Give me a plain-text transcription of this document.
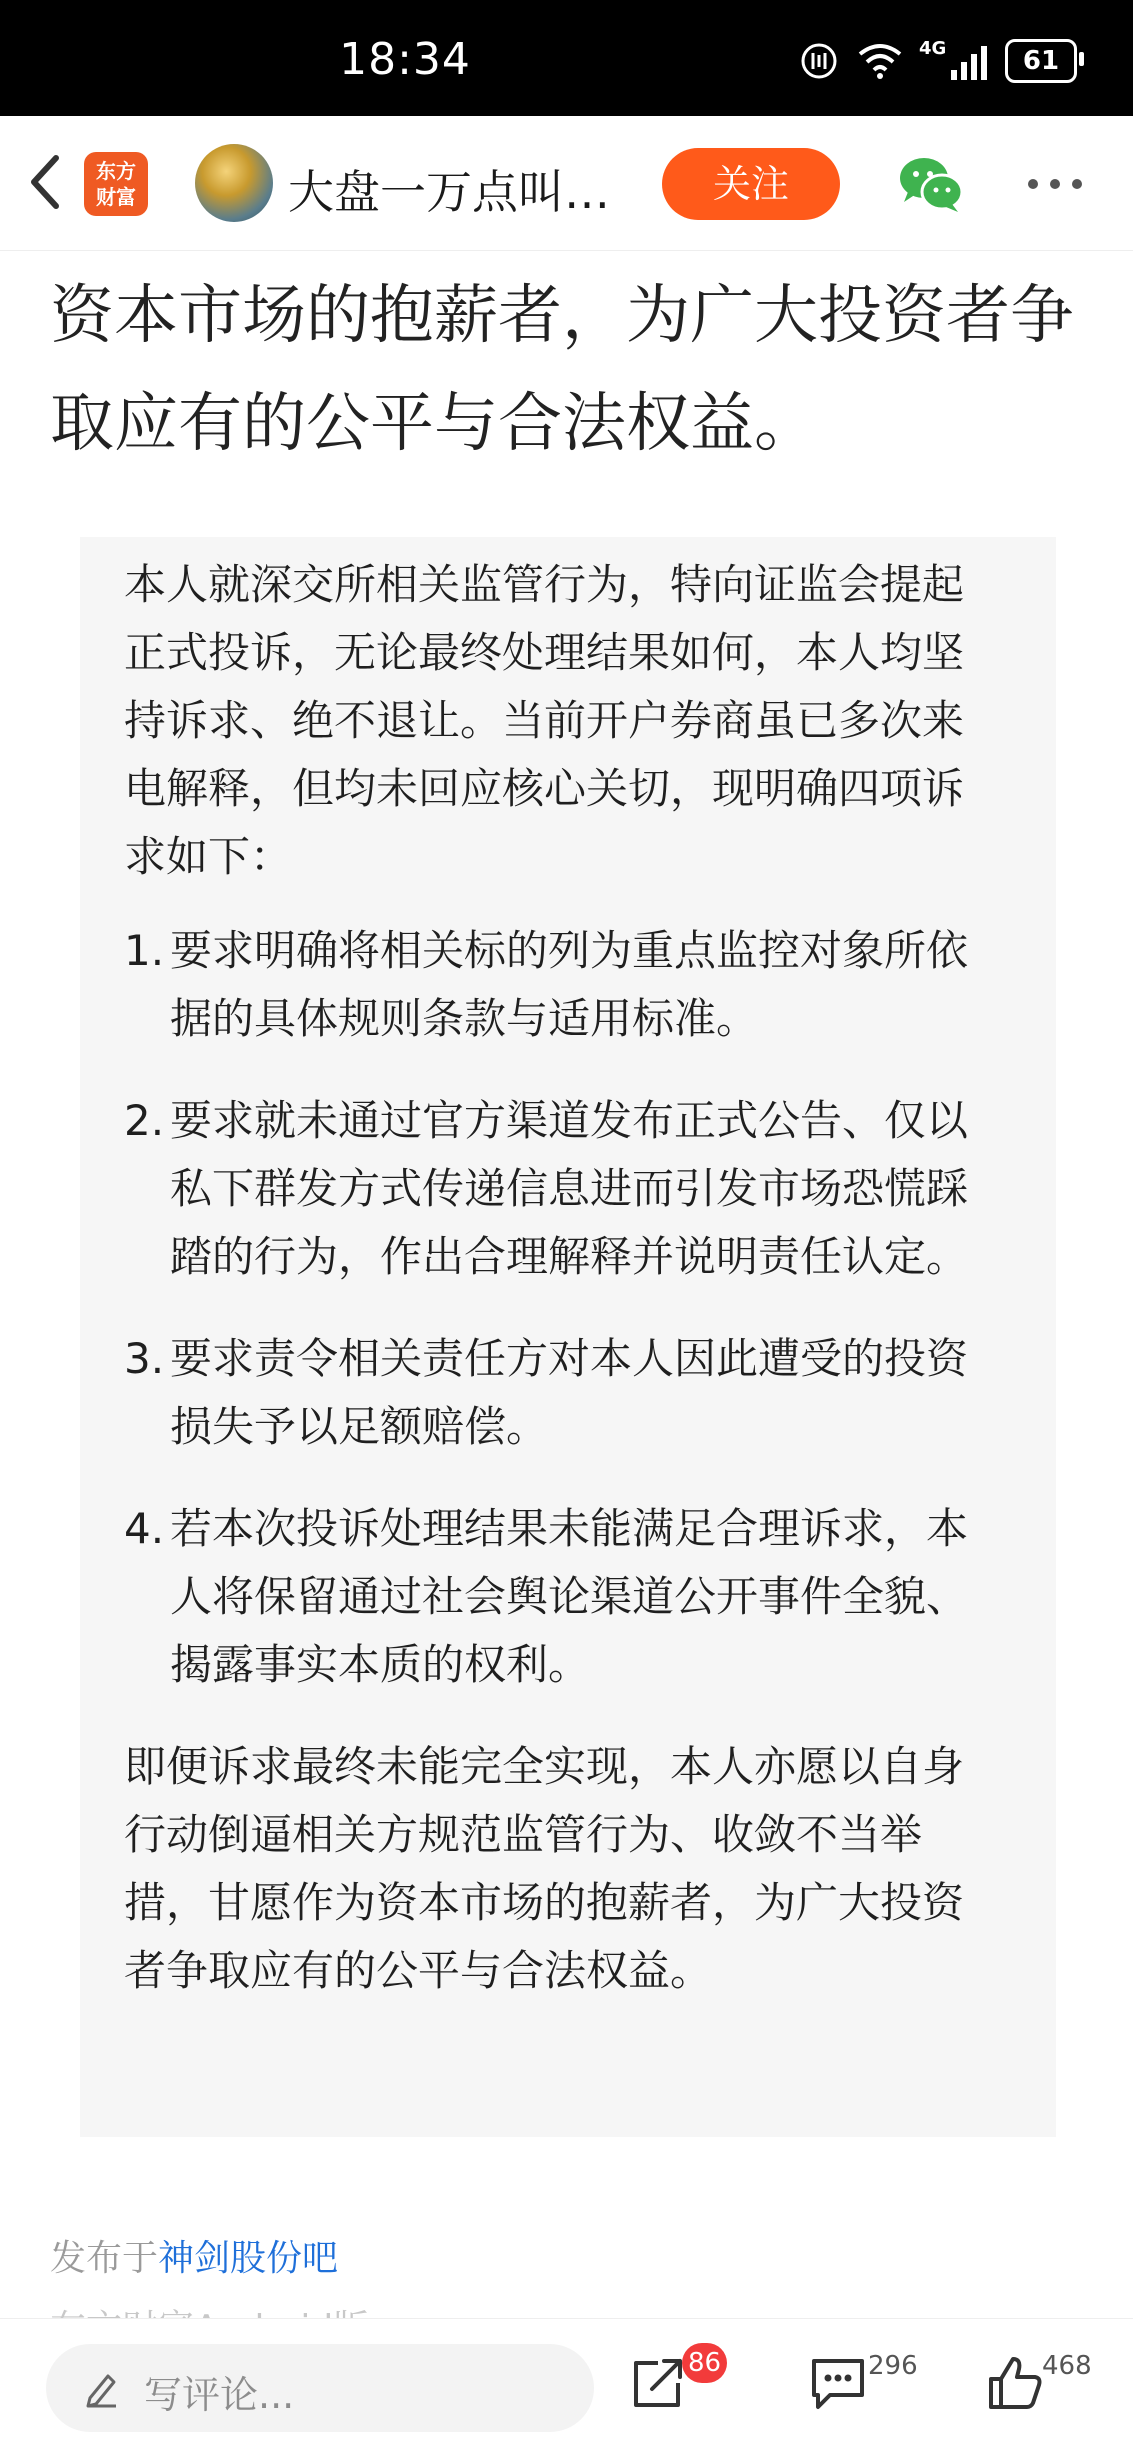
18:34	4G	61
东方财富	大盘一万点叫…	关注
资本市场的抱薪者，为广大投资者争取应有的公平与合法权益。

本人就深交所相关监管行为，特向证监会提起正式投诉，无论最终处理结果如何，本人均坚持诉求、绝不退让。当前开户券商虽已多次来电解释，但均未回应核心关切，现明确四项诉求如下：

1. 要求明确将相关标的列为重点监控对象所依据的具体规则条款与适用标准。
2. 要求就未通过官方渠道发布正式公告、仅以私下群发方式传递信息进而引发市场恐慌踩踏的行为，作出合理解释并说明责任认定。
3. 要求责令相关责任方对本人因此遭受的投资损失予以足额赔偿。
4. 若本次投诉处理结果未能满足合理诉求，本人将保留通过社会舆论渠道公开事件全貌、揭露事实本质的权利。

即便诉求最终未能完全实现，本人亦愿以自身行动倒逼相关方规范监管行为、收敛不当举措，甘愿作为资本市场的抱薪者，为广大投资者争取应有的公平与合法权益。

发布于神剑股份吧
写评论...
86	296	468
